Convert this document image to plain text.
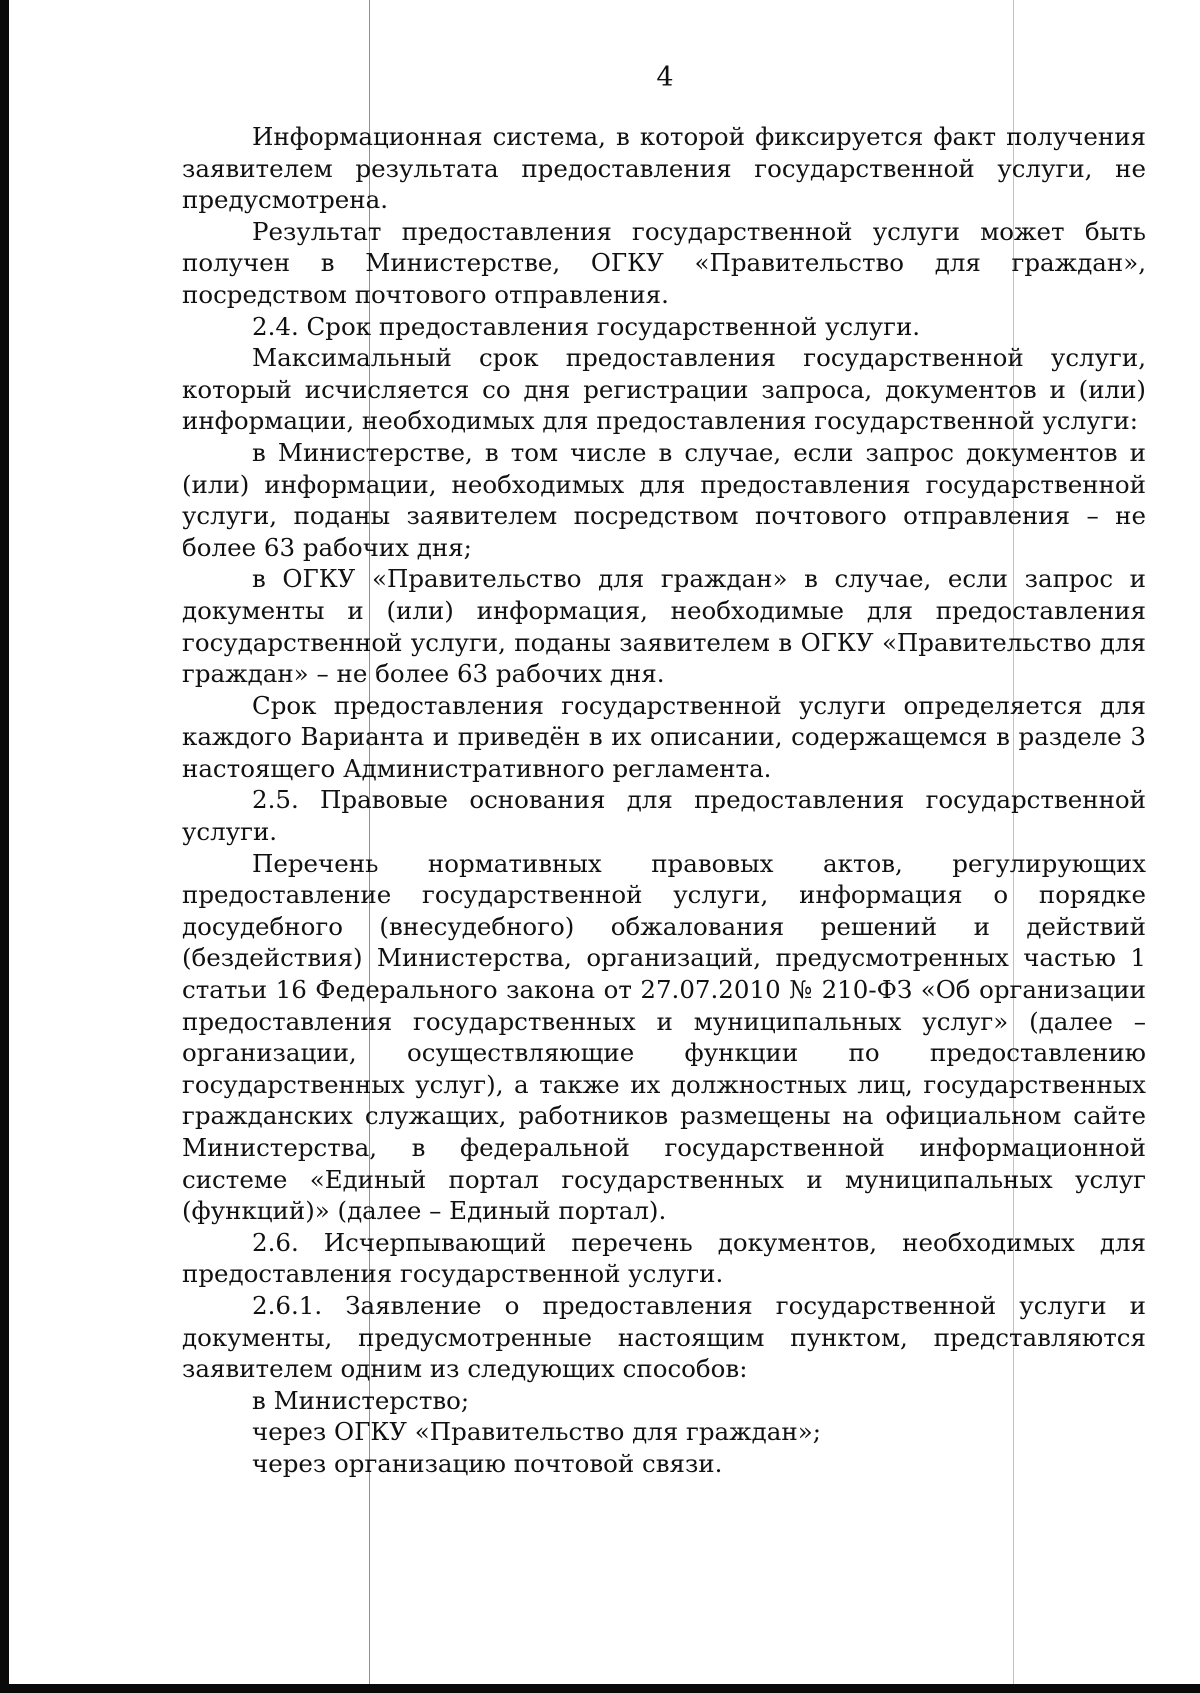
4

Информационная система, в которой фиксируется факт получения заявителем результата предоставления государственной услуги, не предусмотрена.

Результат предоставления государственной услуги может быть получен в Министерстве, ОГКУ «Правительство для граждан», посредством почтового отправления.

2.4. Срок предоставления государственной услуги.

Максимальный срок предоставления государственной услуги, который исчисляется со дня регистрации запроса, документов и (или) информации, необходимых для предоставления государственной услуги:

в Министерстве, в том числе в случае, если запрос документов и (или) информации, необходимых для предоставления государственной услуги, поданы заявителем посредством почтового отправления – не более 63 рабочих дня;

в ОГКУ «Правительство для граждан» в случае, если запрос и документы и (или) информация, необходимые для предоставления государственной услуги, поданы заявителем в ОГКУ «Правительство для граждан» – не более 63 рабочих дня.

Срок предоставления государственной услуги определяется для каждого Варианта и приведён в их описании, содержащемся в разделе 3 настоящего Административного регламента.

2.5. Правовые основания для предоставления государственной услуги.

Перечень нормативных правовых актов, регулирующих предоставление государственной услуги, информация о порядке досудебного (внесудебного) обжалования решений и действий (бездействия) Министерства, организаций, предусмотренных частью 1 статьи 16 Федерального закона от 27.07.2010 № 210-ФЗ «Об организации предоставления государственных и муниципальных услуг» (далее – организации, осуществляющие функции по предоставлению государственных услуг), а также их должностных лиц, государственных гражданских служащих, работников размещены на официальном сайте Министерства, в федеральной государственной информационной системе «Единый портал государственных и муниципальных услуг (функций)» (далее – Единый портал).

2.6. Исчерпывающий перечень документов, необходимых для предоставления государственной услуги.

2.6.1. Заявление о предоставления государственной услуги и документы, предусмотренные настоящим пунктом, представляются заявителем одним из следующих способов:

в Министерство;

через ОГКУ «Правительство для граждан»;

через организацию почтовой связи.
